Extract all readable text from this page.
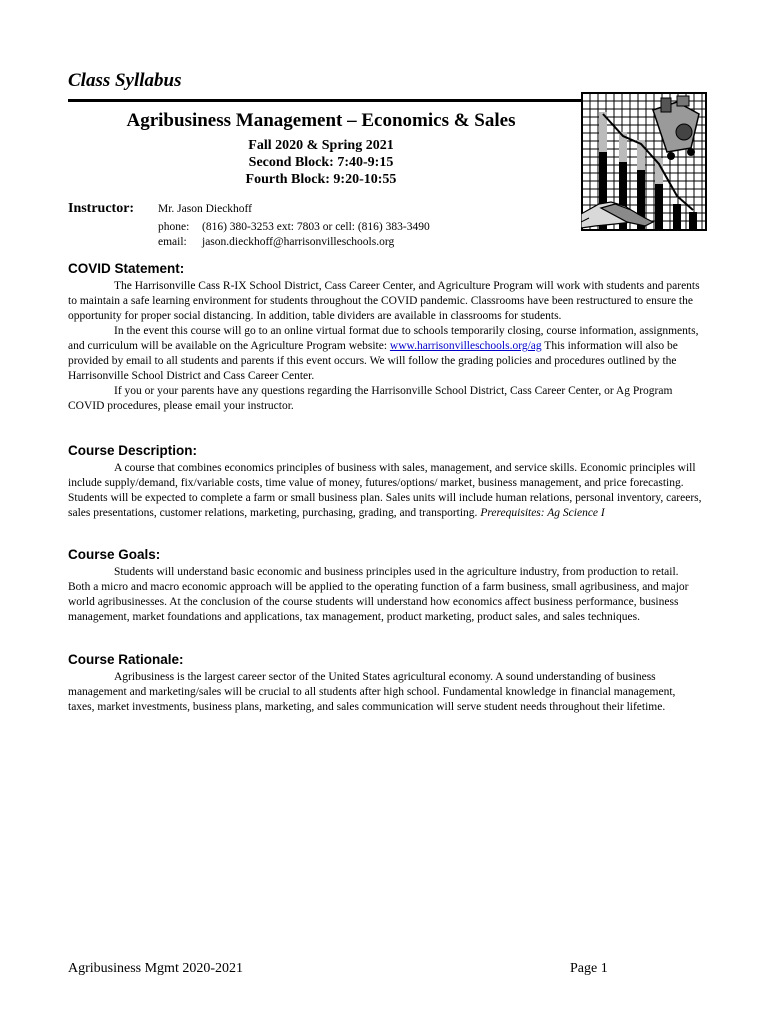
Class Syllabus
Agribusiness Management – Economics & Sales
Fall 2020 & Spring 2021
Second Block: 7:40-9:15
Fourth Block: 9:20-10:55
Instructor: Mr. Jason Dieckhoff
phone: (816) 380-3253 ext: 7803 or cell: (816) 383-3490
email: jason.dieckhoff@harrisonvilleschools.org
COVID Statement:

The Harrisonville Cass R-IX School District, Cass Career Center, and Agriculture Program will work with students and parents to maintain a safe learning environment for students throughout the COVID pandemic. Classrooms have been restructured to ensure the opportunity for proper social distancing. In addition, table dividers are available in classrooms for students.

In the event this course will go to an online virtual format due to schools temporarily closing, course information, assignments, and curriculum will be available on the Agriculture Program website: www.harrisonvilleschools.org/ag This information will also be provided by email to all students and parents if this event occurs. We will follow the grading policies and procedures outlined by the Harrisonville School District and Cass Career Center.

If you or your parents have any questions regarding the Harrisonville School District, Cass Career Center, or Ag Program COVID procedures, please email your instructor.

Course Description:

A course that combines economics principles of business with sales, management, and service skills. Economic principles will include supply/demand, fix/variable costs, time value of money, futures/options/ market, business management, and price forecasting. Students will be expected to complete a farm or small business plan. Sales units will include human relations, personal inventory, careers, sales presentations, customer relations, marketing, purchasing, grading, and transporting. Prerequisites: Ag Science I

Course Goals:

Students will understand basic economic and business principles used in the agriculture industry, from production to retail. Both a micro and macro economic approach will be applied to the operating function of a farm business, small agribusiness, and major world agribusinesses. At the conclusion of the course students will understand how economics affect business performance, business management, market foundations and applications, tax management, product marketing, product sales, and sales techniques.

Course Rationale:

Agribusiness is the largest career sector of the United States agricultural economy. A sound understanding of business management and marketing/sales will be crucial to all students after high school. Fundamental knowledge in financial management, taxes, market investments, business plans, marketing, and sales communication will serve student needs throughout their lifetime.

Agribusiness Mgmt 2020-2021	Page 1
